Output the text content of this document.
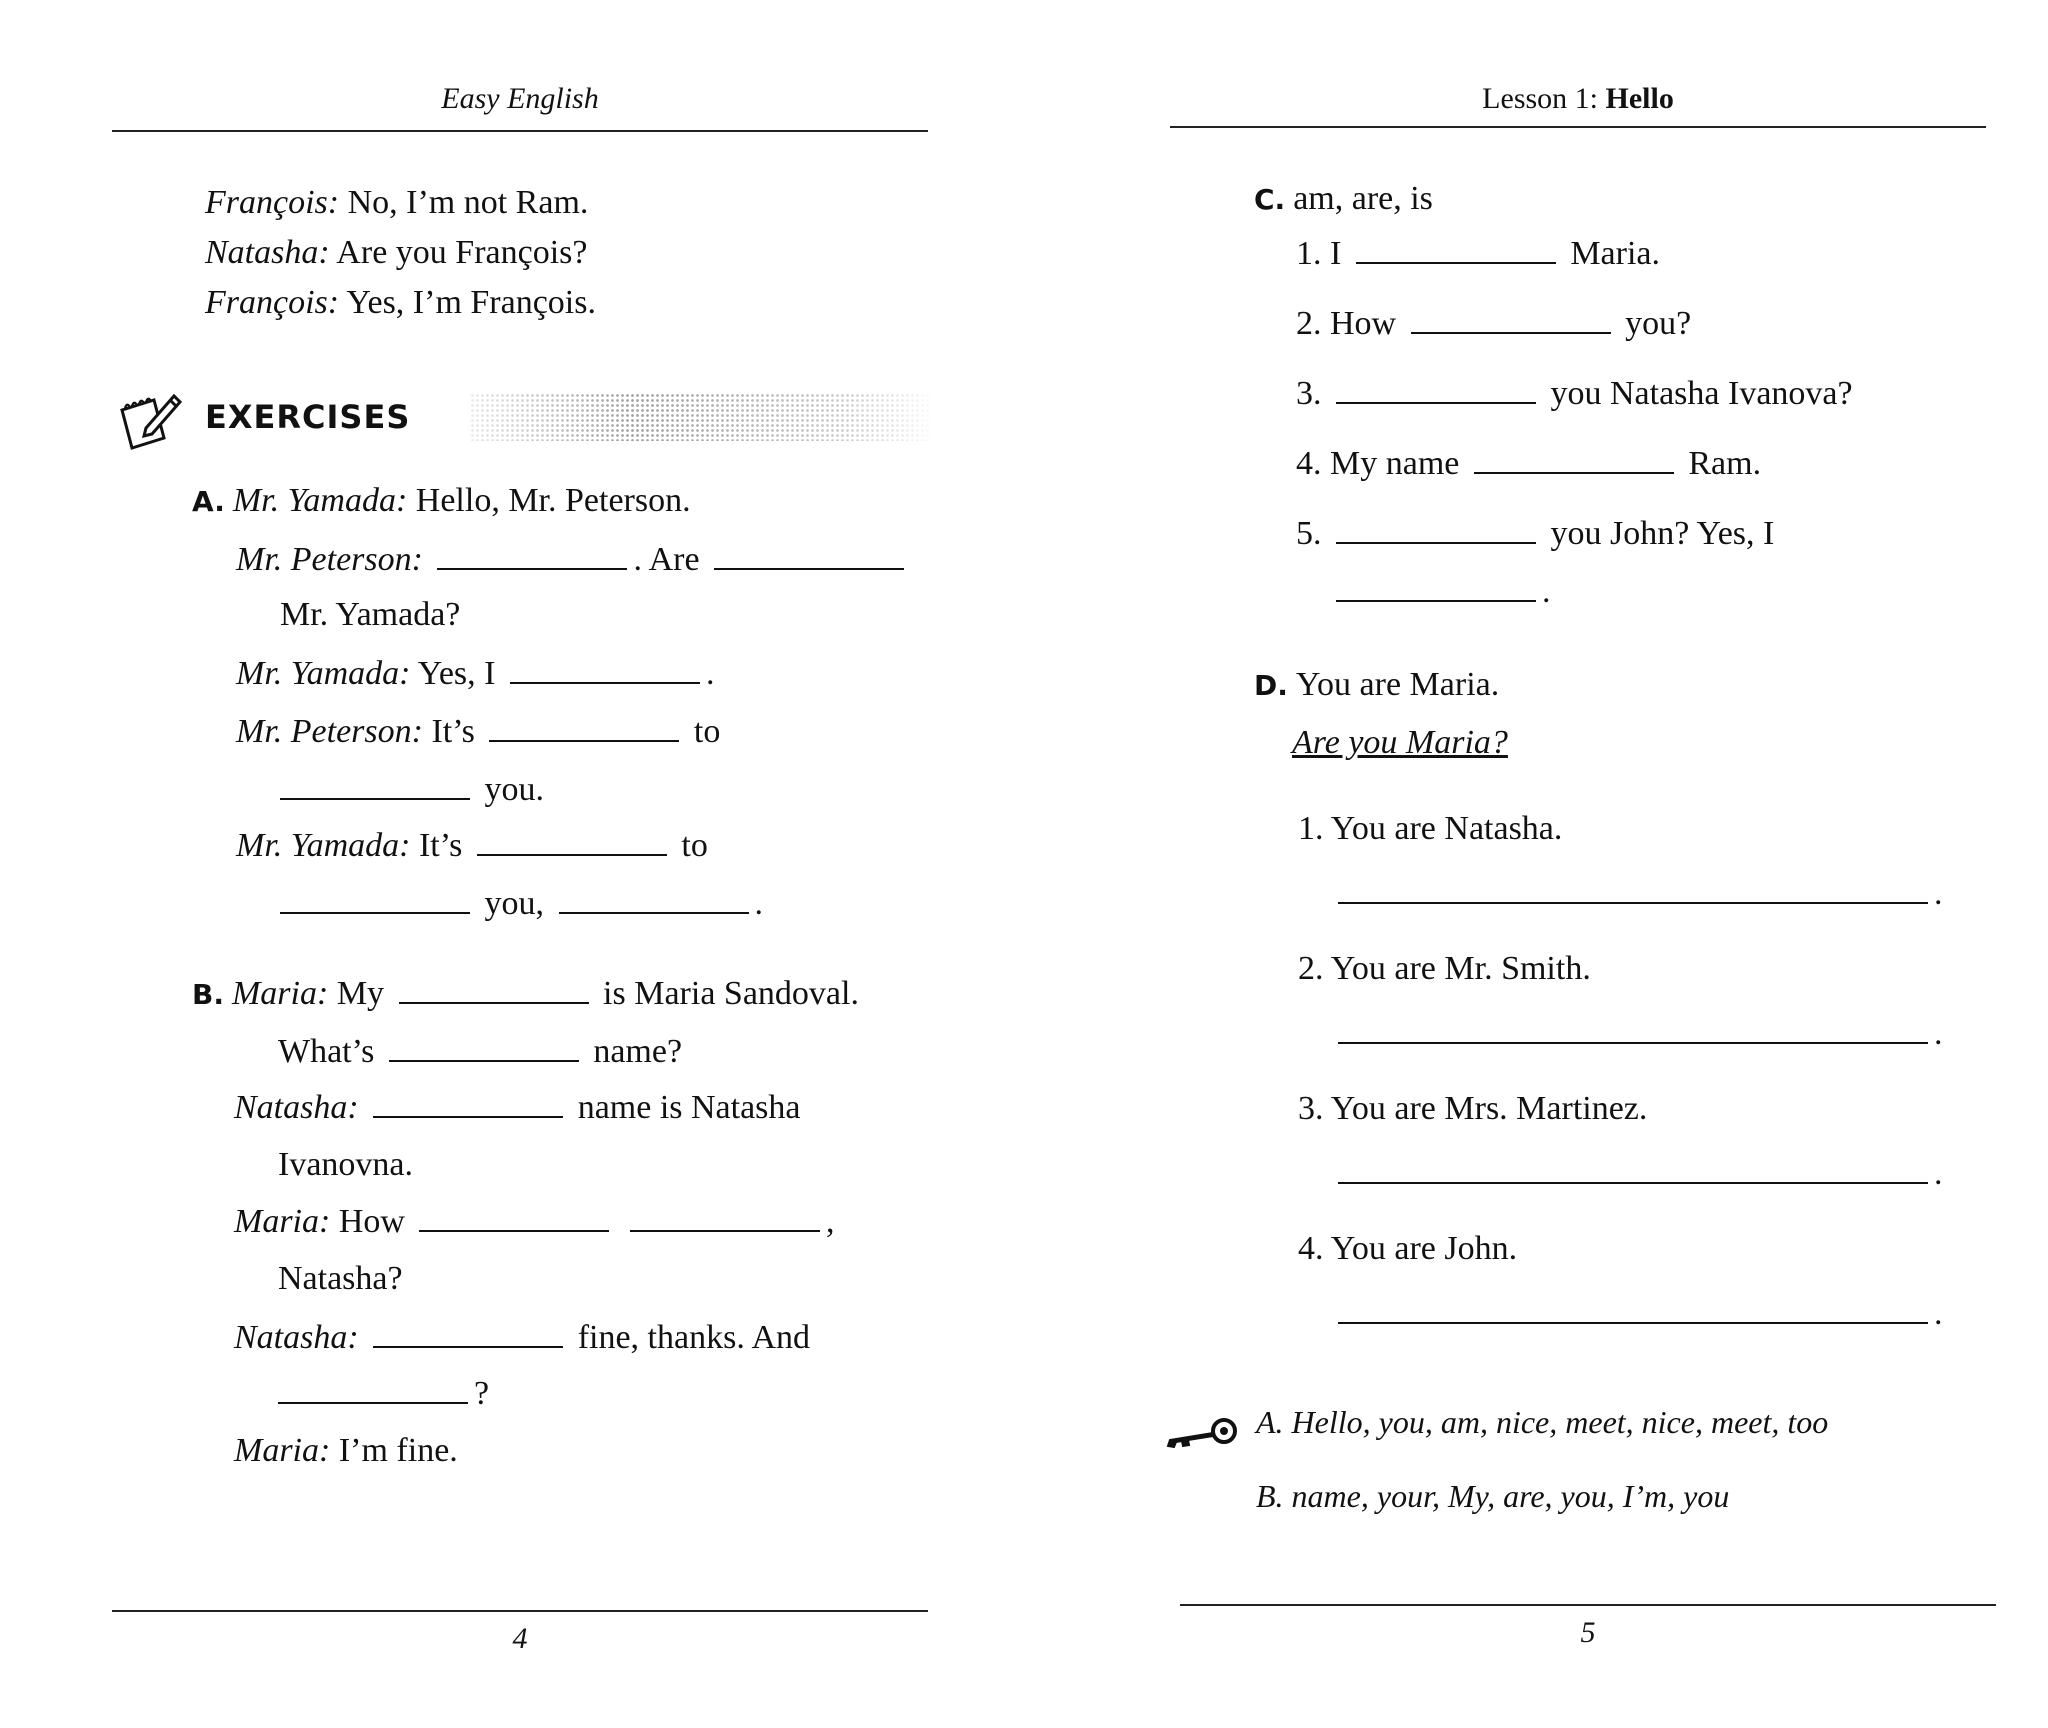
Easy English
François: No, I’m not Ram.
Natasha: Are you François?
François: Yes, I’m François.
EXERCISES
A. Mr. Yamada: Hello, Mr. Peterson.
Mr. Peterson:	. Are
Mr. Yamada?
Mr. Yamada: Yes, I	.
Mr. Peterson: It’s	to
you.
Mr. Yamada: It’s	to
you,	.
B. Maria: My	is Maria Sandoval.
What’s	name?
Natasha:	name is Natasha
Ivanovna.
Maria: How	,
Natasha?
Natasha:	fine, thanks. And
?
Maria: I’m fine.
4
Lesson 1: Hello
C. am, are, is
1. I	Maria.
2. How	you?
3.	you Natasha Ivanova?
4. My name	Ram.
5.	you John? Yes, I
.
D. You are Maria.
Are you Maria?
1. You are Natasha.
.
2. You are Mr. Smith.
.
3. You are Mrs. Martinez.
.
4. You are John.
.
A. Hello, you, am, nice, meet, nice, meet, too
B. name, your, My, are, you, I’m, you
5
